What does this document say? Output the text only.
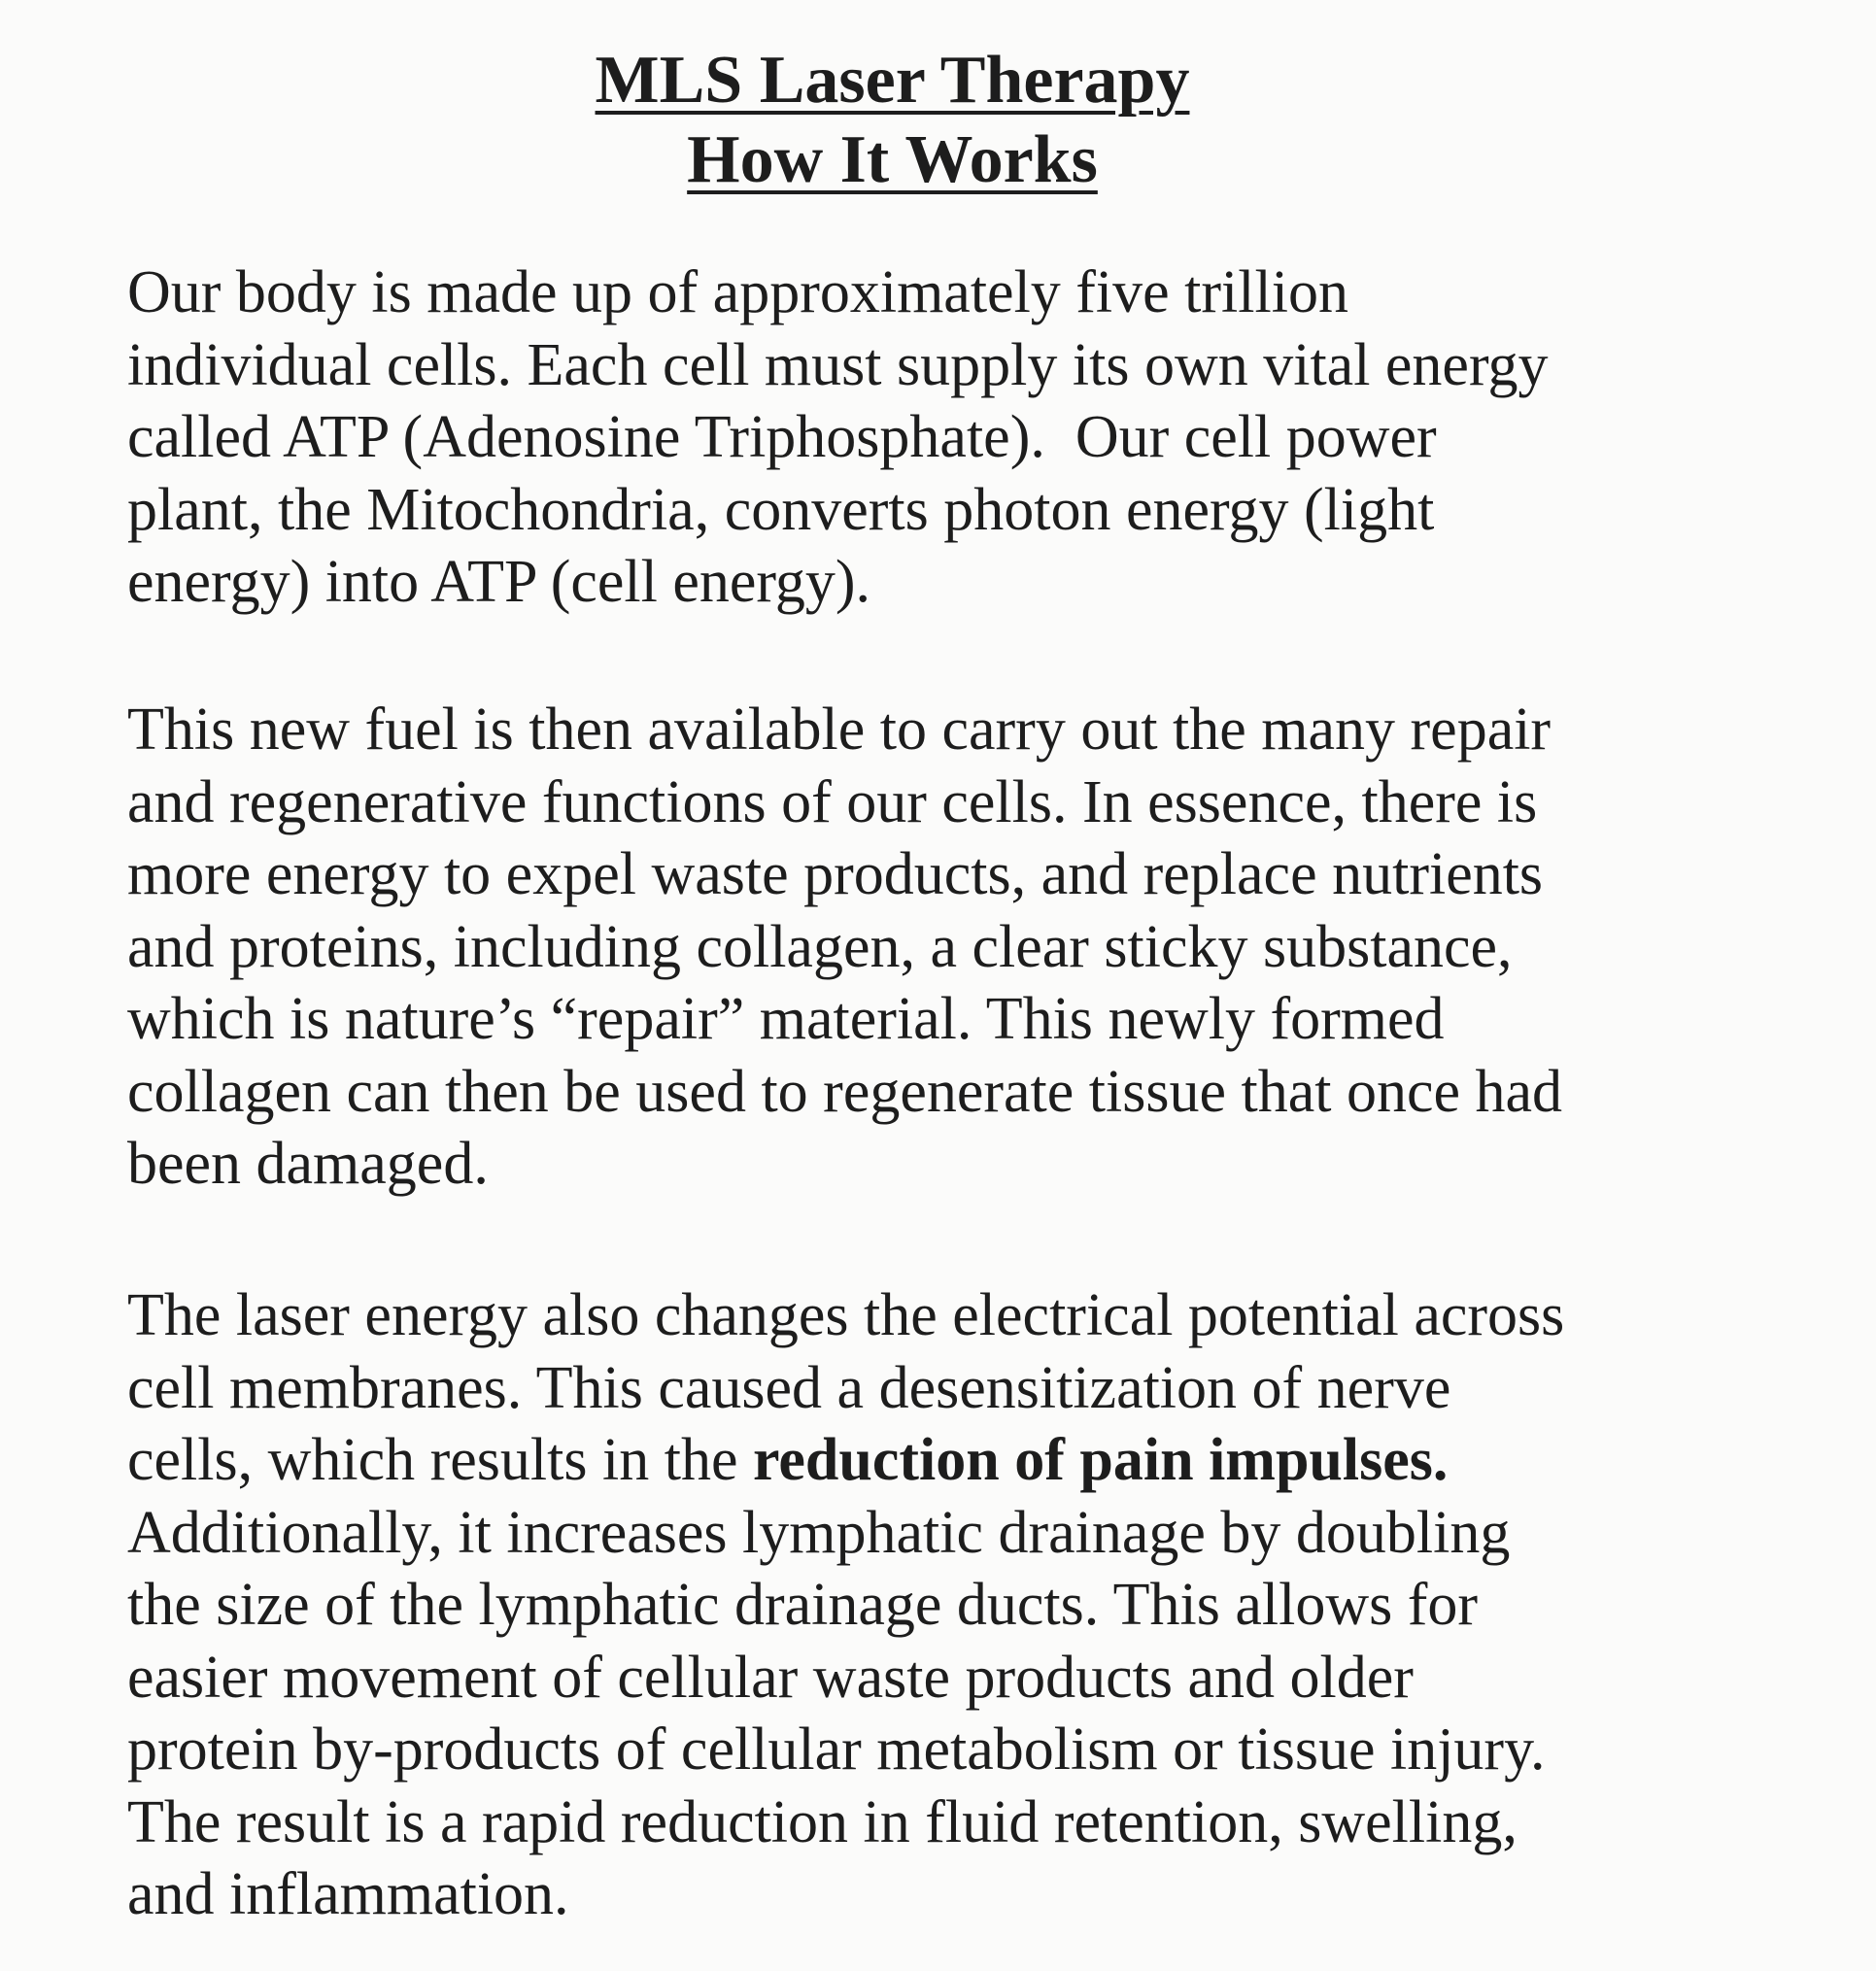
MLS Laser Therapy
How It Works
Our body is made up of approximately five trillion
individual cells. Each cell must supply its own vital energy
called ATP (Adenosine Triphosphate).  Our cell power
plant, the Mitochondria, converts photon energy (light
energy) into ATP (cell energy).
This new fuel is then available to carry out the many repair
and regenerative functions of our cells. In essence, there is
more energy to expel waste products, and replace nutrients
and proteins, including collagen, a clear sticky substance,
which is nature’s “repair” material. This newly formed
collagen can then be used to regenerate tissue that once had
been damaged.
The laser energy also changes the electrical potential across
cell membranes. This caused a desensitization of nerve
cells, which results in the reduction of pain impulses.
Additionally, it increases lymphatic drainage by doubling
the size of the lymphatic drainage ducts. This allows for
easier movement of cellular waste products and older
protein by-products of cellular metabolism or tissue injury.
The result is a rapid reduction in fluid retention, swelling,
and inflammation.
